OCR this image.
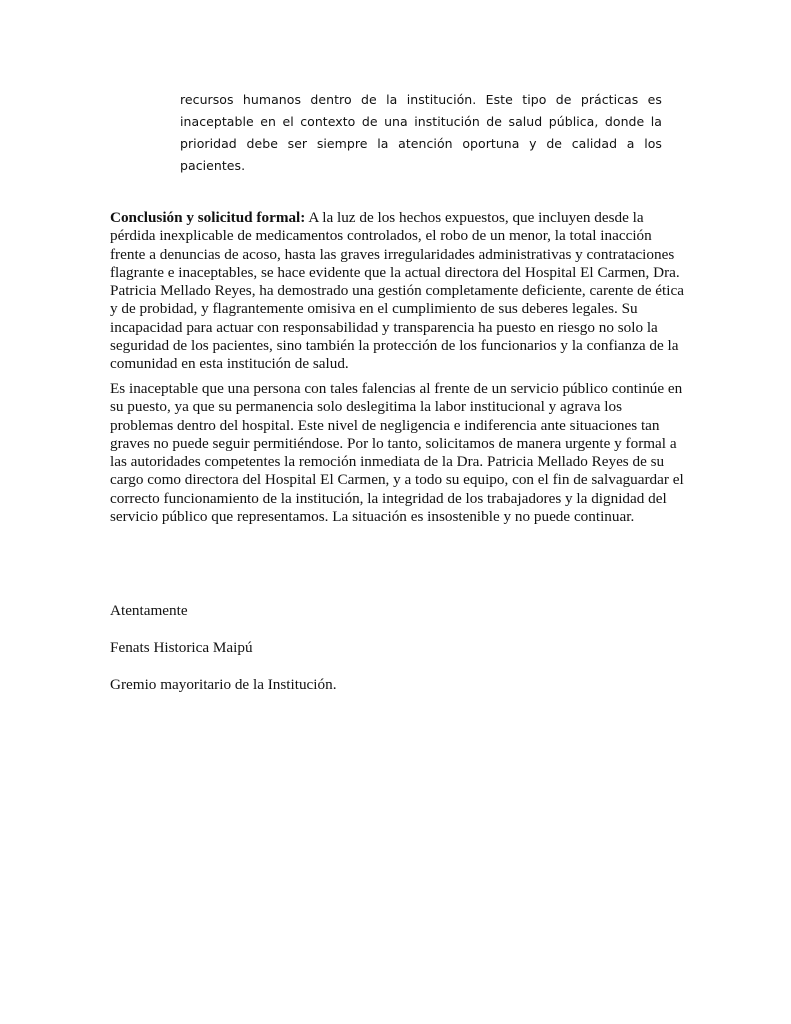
recursos humanos dentro de la institución. Este tipo de prácticas es inaceptable en el contexto de una institución de salud pública, donde la prioridad debe ser siempre la atención oportuna y de calidad a los pacientes.

Conclusión y solicitud formal: A la luz de los hechos expuestos, que incluyen desde la pérdida inexplicable de medicamentos controlados, el robo de un menor, la total inacción frente a denuncias de acoso, hasta las graves irregularidades administrativas y contrataciones flagrante e inaceptables, se hace evidente que la actual directora del Hospital El Carmen, Dra. Patricia Mellado Reyes, ha demostrado una gestión completamente deficiente, carente de ética y de probidad, y flagrantemente omisiva en el cumplimiento de sus deberes legales. Su incapacidad para actuar con responsabilidad y transparencia ha puesto en riesgo no solo la seguridad de los pacientes, sino también la protección de los funcionarios y la confianza de la comunidad en esta institución de salud.

Es inaceptable que una persona con tales falencias al frente de un servicio público continúe en su puesto, ya que su permanencia solo deslegitima la labor institucional y agrava los problemas dentro del hospital. Este nivel de negligencia e indiferencia ante situaciones tan graves no puede seguir permitiéndose. Por lo tanto, solicitamos de manera urgente y formal a las autoridades competentes la remoción inmediata de la Dra. Patricia Mellado Reyes de su cargo como directora del Hospital El Carmen, y a todo su equipo, con el fin de salvaguardar el correcto funcionamiento de la institución, la integridad de los trabajadores y la dignidad del servicio público que representamos. La situación es insostenible y no puede continuar.

Atentamente

Fenats Historica Maipú

Gremio mayoritario de la Institución.
